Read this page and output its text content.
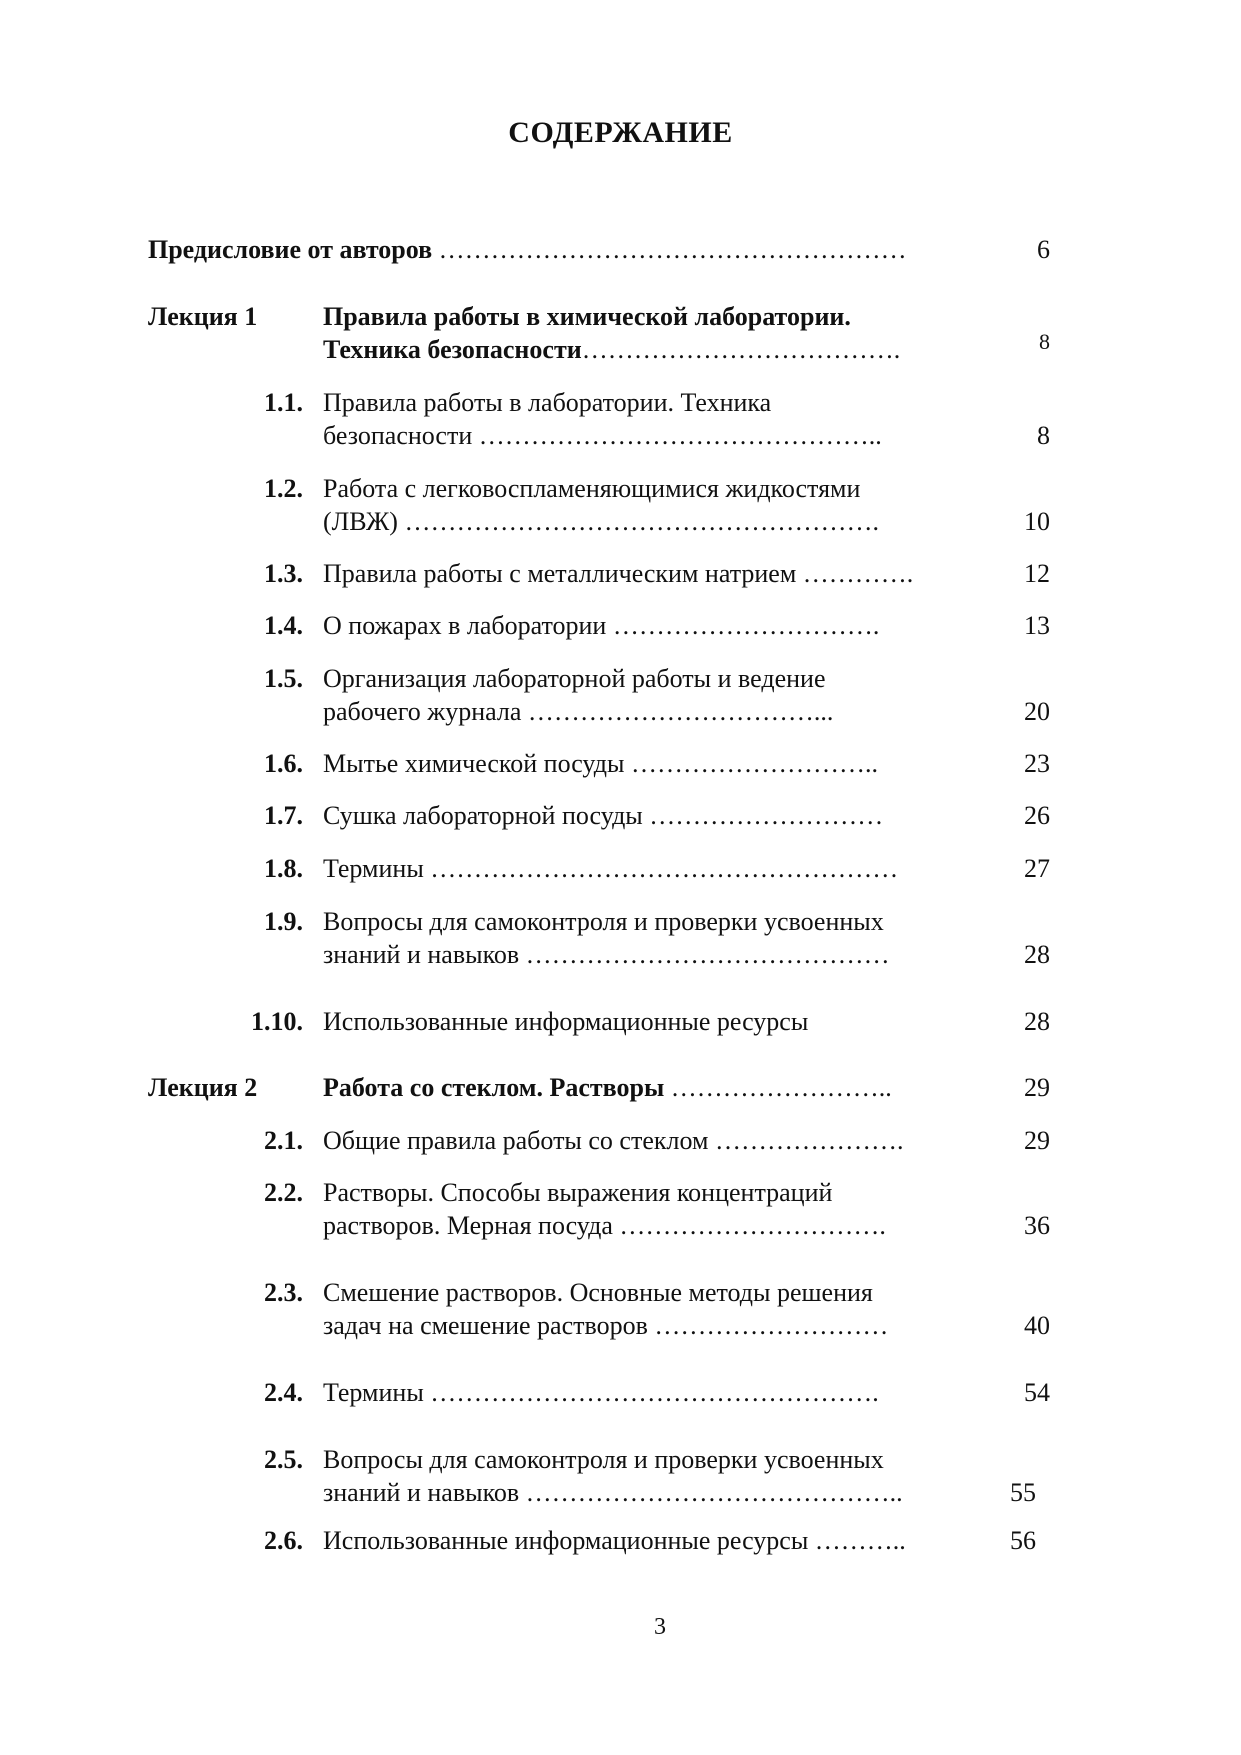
СОДЕРЖАНИЕ
Предисловие от авторов ………………………………………………	6
Лекция 1	Правила работы в химической лаборатории.
Техника безопасности……………………………….	8
1.1. Правила работы в лаборатории. Техника
безопасности ………………………………………..	8
1.2. Работа с легковоспламеняющимися жидкостями
(ЛВЖ) ……………………………………………….	10
1.3. Правила работы с металлическим натрием ………….	12
1.4. О пожарах в лаборатории ………………………….	13
1.5. Организация лабораторной работы и ведение
рабочего журнала ……………………………...	20
1.6. Мытье химической посуды ………………………..	23
1.7. Сушка лабораторной посуды ………………………	26
1.8. Термины ………………………………………………	27
1.9. Вопросы для самоконтроля и проверки усвоенных
знаний и навыков ……………………………………	28
1.10. Использованные информационные ресурсы	28
Лекция 2	Работа со стеклом. Растворы ……………………..	29
2.1. Общие правила работы со стеклом ………………….	29
2.2. Растворы. Способы выражения концентраций
растворов. Мерная посуда ………………………….	36
2.3. Смешение растворов. Основные методы решения
задач на смешение растворов ………………………	40
2.4. Термины …………………………………………….	54
2.5. Вопросы для самоконтроля и проверки усвоенных
знаний и навыков ……………………………………..	55
2.6. Использованные информационные ресурсы ………..	56
3
